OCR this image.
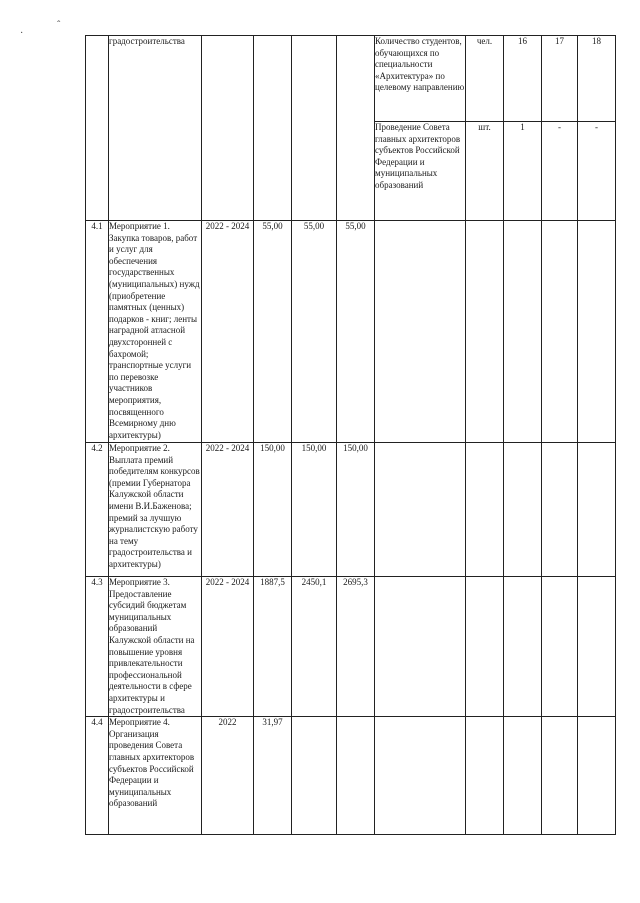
·
ˆ
	градостроительства					Количество студентов, обучающихся по специальности «Архитектура» по целевому направлению	чел.	16	17	18
						Проведение Совета главных архитекторов субъектов Российской Федерации и муниципальных образований	шт.	1	-	-
4.1	Мероприятие 1. Закупка товаров, работ и услуг для обеспечения государственных (муниципальных) нужд (приобретение памятных (ценных) подарков - книг; ленты наградной атласной двухсторонней с бахромой; транспортные услуги по перевозке участников мероприятия, посвященного Всемирному дню архитектуры)	2022 - 2024	55,00	55,00	55,00					
4.2	Мероприятие 2. Выплата премий победителям конкурсов (премии Губернатора Калужской области имени В.И.Баженова; премий за лучшую журналистскую работу на тему градостроительства и архитектуры)	2022 - 2024	150,00	150,00	150,00					
4.3	Мероприятие 3. Предоставление субсидий бюджетам муниципальных образований Калужской области на повышение уровня привлекательности профессиональной деятельности в сфере архитектуры и градостроительства	2022 - 2024	1887,5	2450,1	2695,3					
4.4	Мероприятие 4. Организация проведения Совета главных архитекторов субъектов Российской Федерации и муниципальных образований	2022	31,97							
